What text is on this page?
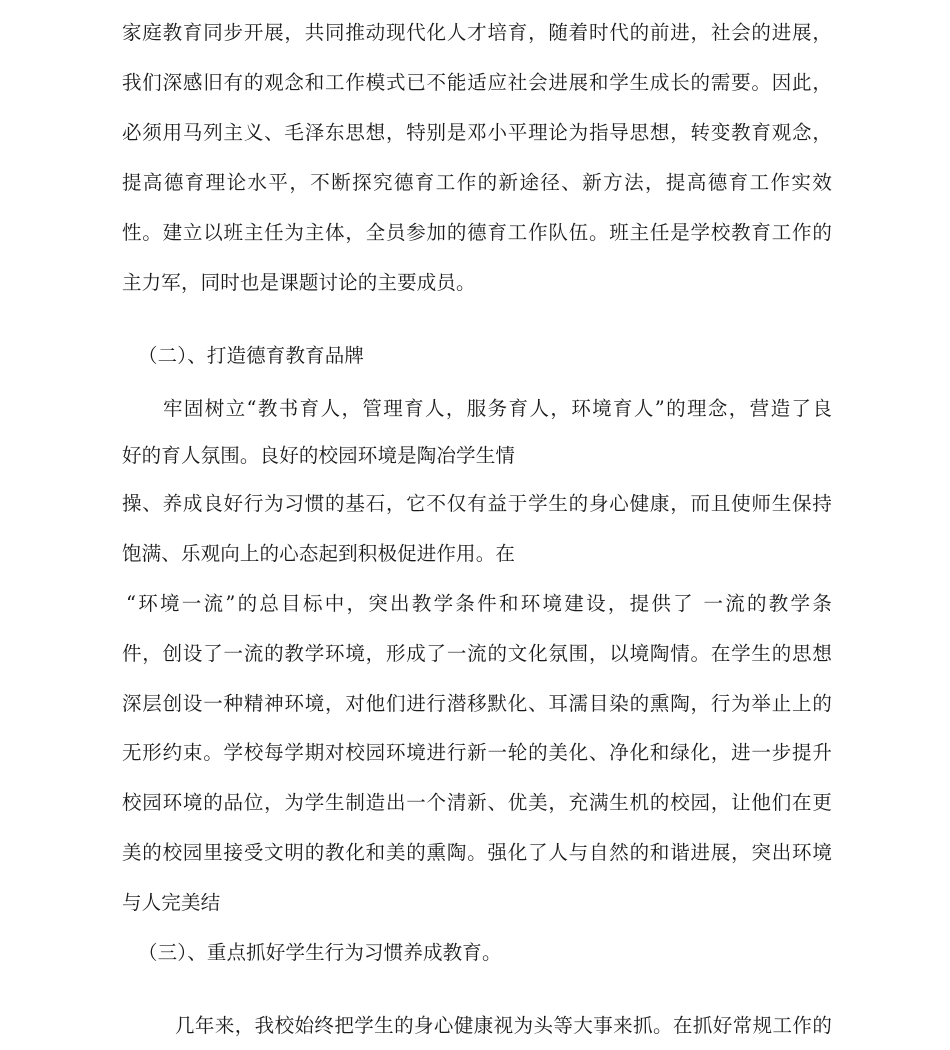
家庭教育同步开展，共同推动现代化人才培育，随着时代的前进，社会的进展，
我们深感旧有的观念和工作模式已不能适应社会进展和学生成长的需要。因此，
必须用马列主义、毛泽东思想，特别是邓小平理论为指导思想，转变教育观念，
提高德育理论水平，不断探究德育工作的新途径、新方法，提高德育工作实效
性。建立以班主任为主体，全员参加的德育工作队伍。班主任是学校教育工作的
主力军，同时也是课题讨论的主要成员。
（二）、打造德育教育品牌
牢固树立“教书育人，管理育人，服务育人，环境育人”的理念，营造了良
好的育人氛围。良好的校园环境是陶冶学生情
操、养成良好行为习惯的基石，它不仅有益于学生的身心健康，而且使师生保持
饱满、乐观向上的心态起到积极促进作用。在
“环境一流”的总目标中，突出教学条件和环境建设，提供了 一流的教学条
件，创设了一流的教学环境，形成了一流的文化氛围，以境陶情。在学生的思想
深层创设一种精神环境，对他们进行潜移默化、耳濡目染的熏陶，行为举止上的
无形约束。学校每学期对校园环境进行新一轮的美化、净化和绿化，进一步提升
校园环境的品位，为学生制造出一个清新、优美，充满生机的校园，让他们在更
美的校园里接受文明的教化和美的熏陶。强化了人与自然的和谐进展，突出环境
与人完美结
（三）、重点抓好学生行为习惯养成教育。
几年来，我校始终把学生的身心健康视为头等大事来抓。在抓好常规工作的
